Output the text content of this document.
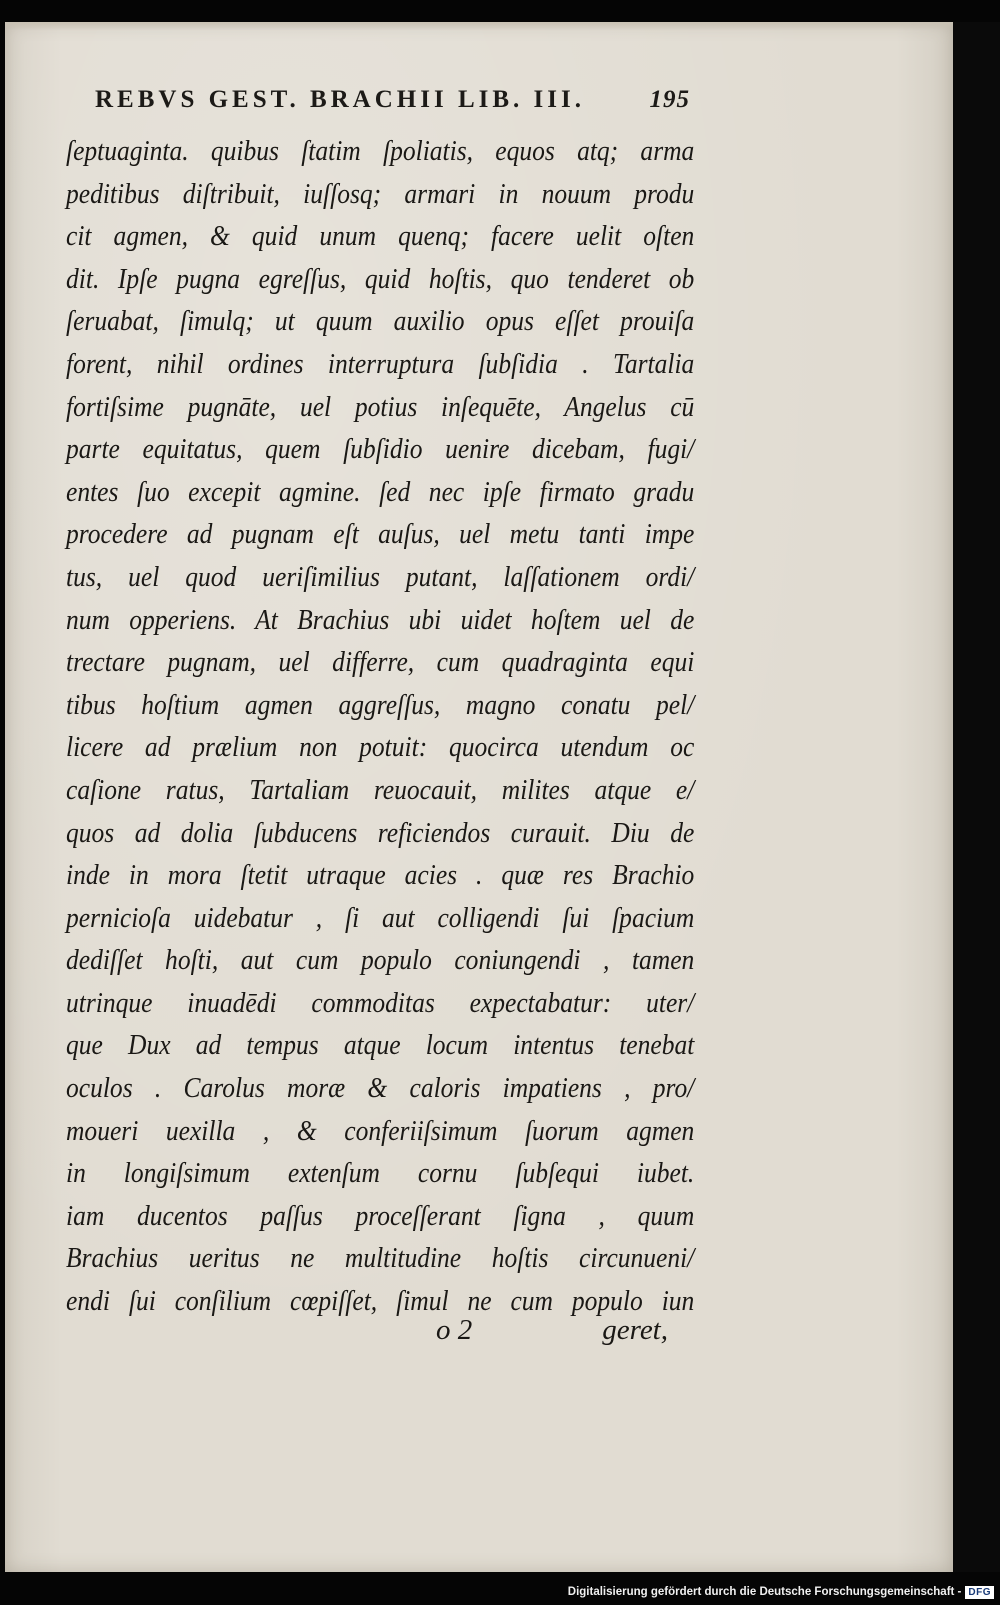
REBVS GEST. BRACHII LIB. III.	195
ſeptuaginta. quibus ſtatim ſpoliatis, equos atq; arma
peditibus diſtribuit, iuſſosq; armari in nouum produ
cit agmen, & quid unum quenq; facere uelit oſten
dit. Ipſe pugna egreſſus, quid hoſtis, quo tenderet ob
ſeruabat, ſimulq; ut quum auxilio opus eſſet prouiſa
forent, nihil ordines interruptura ſubſidia . Tartalia
fortiſsime pugnāte, uel potius inſequēte, Angelus cū
parte equitatus, quem ſubſidio uenire dicebam, fugi/
entes ſuo excepit agmine. ſed nec ipſe firmato gradu
procedere ad pugnam eſt auſus, uel metu tanti impe
tus, uel quod ueriſimilius putant, laſſationem ordi/
num opperiens. At Brachius ubi uidet hoſtem uel de
trectare pugnam, uel differre, cum quadraginta equi
tibus hoſtium agmen aggreſſus, magno conatu pel/
licere ad prælium non potuit: quocirca utendum oc
caſione ratus, Tartaliam reuocauit, milites atque e/
quos ad dolia ſubducens reficiendos curauit. Diu de
inde in mora ſtetit utraque acies . quæ res Brachio
pernicioſa uidebatur , ſi aut colligendi ſui ſpacium
dediſſet hoſti, aut cum populo coniungendi , tamen
utrinque inuadēdi commoditas expectabatur: uter/
que Dux ad tempus atque locum intentus tenebat
oculos . Carolus moræ & caloris impatiens , pro/
moueri uexilla , & conferiiſsimum ſuorum agmen
in longiſsimum extenſum cornu ſubſequi iubet.
iam ducentos paſſus proceſſerant ſigna , quum
Brachius ueritus ne multitudine hoſtis circunueni/
endi ſui conſilium cœpiſſet, ſimul ne cum populo iun
o 2	geret,
Digitalisierung gefördert durch die Deutsche Forschungsgemeinschaft - DFG
